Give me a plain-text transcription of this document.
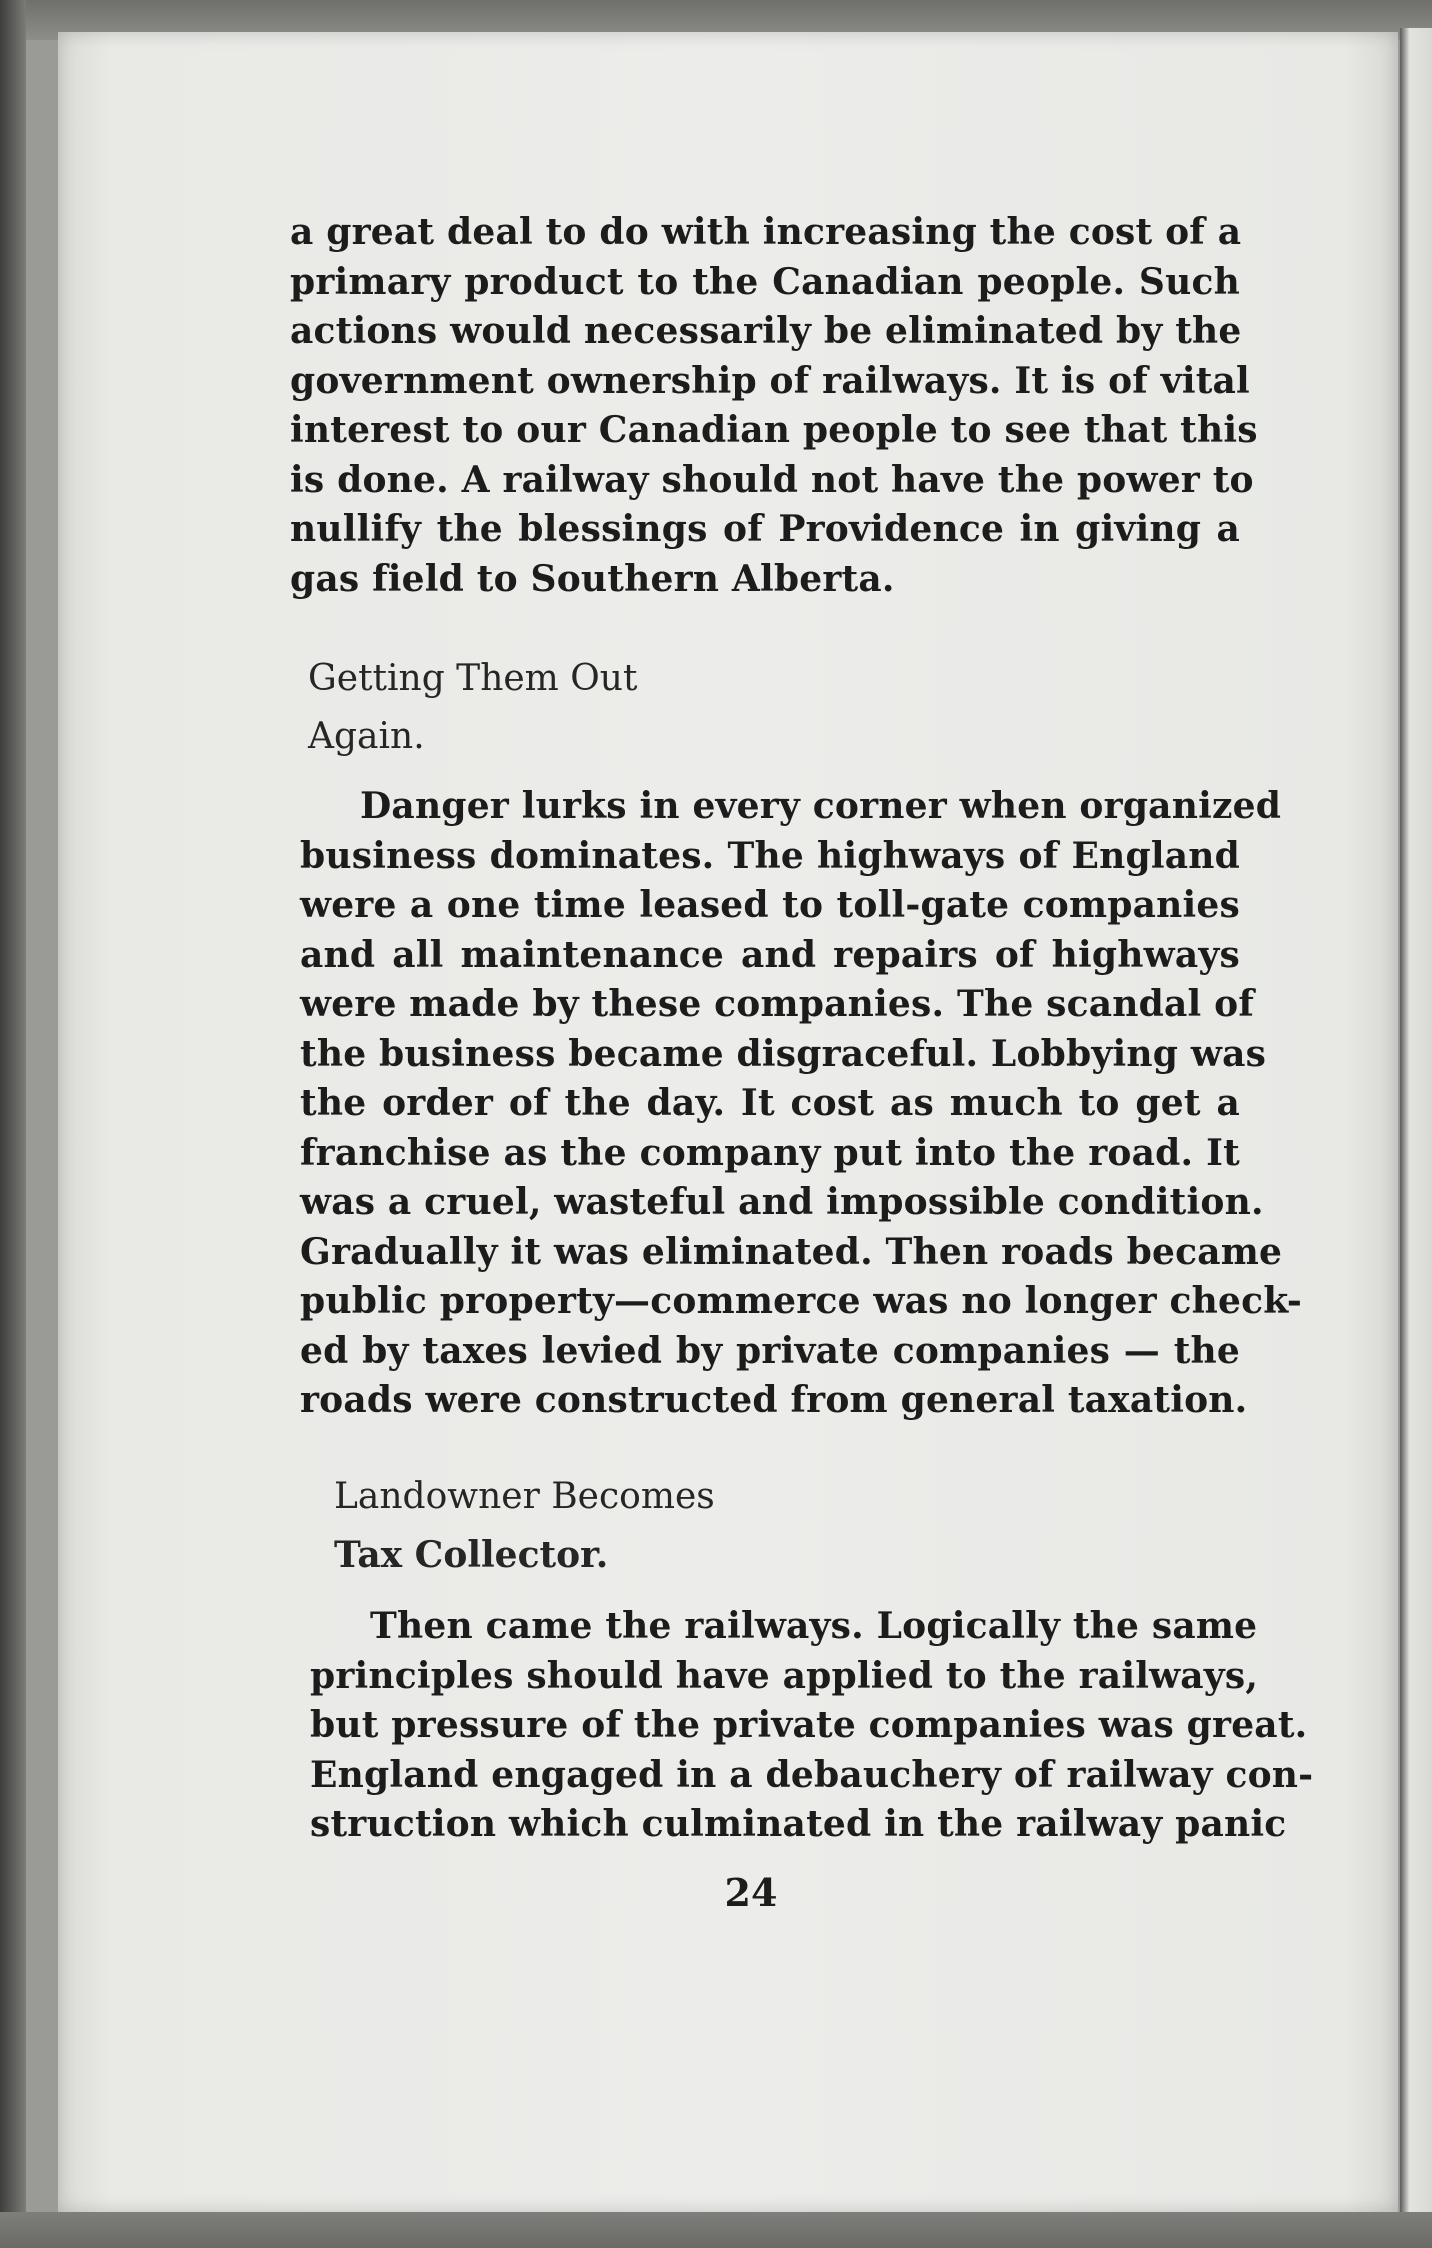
a great deal to do with increasing the cost of a
primary product to the Canadian people. Such
actions would necessarily be eliminated by the
government ownership of railways. It is of vital
interest to our Canadian people to see that this
is done. A railway should not have the power to
nullify the blessings of Providence in giving a
gas field to Southern Alberta.
Getting Them Out
Again.
Danger lurks in every corner when organized
business dominates. The highways of England
were a one time leased to toll-gate companies
and all maintenance and repairs of highways
were made by these companies. The scandal of
the business became disgraceful. Lobbying was
the order of the day. It cost as much to get a
franchise as the company put into the road. It
was a cruel, wasteful and impossible condition.
Gradually it was eliminated. Then roads became
public property—commerce was no longer check-
ed by taxes levied by private companies — the
roads were constructed from general taxation.
Landowner Becomes
Tax Collector.
Then came the railways. Logically the same
principles should have applied to the railways,
but pressure of the private companies was great.
England engaged in a debauchery of railway con-
struction which culminated in the railway panic
24
